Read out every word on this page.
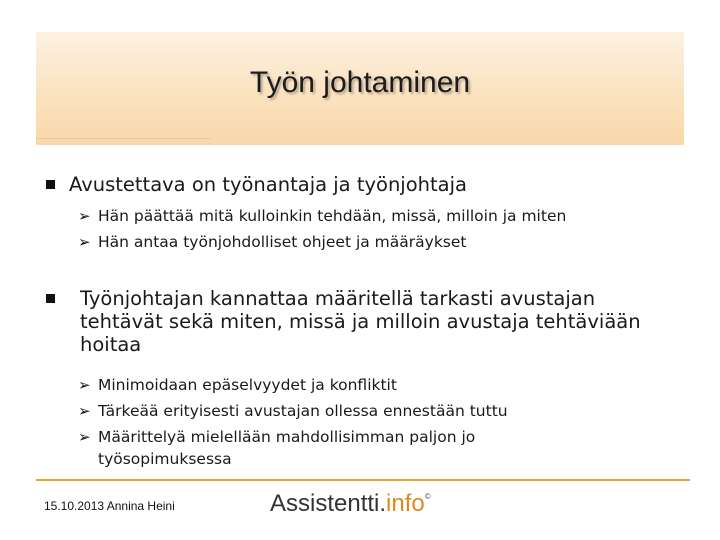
Työn johtaminen
Avustettava on työnantaja ja työnjohtaja
➢ Hän päättää mitä kulloinkin tehdään, missä, milloin ja miten
➢ Hän antaa työnjohdolliset ohjeet ja määräykset
Työnjohtajan kannattaa määritellä tarkasti avustajan
tehtävät sekä miten, missä ja milloin avustaja tehtäviään
hoitaa
➢ Minimoidaan epäselvyydet ja konfliktit
➢ Tärkeää erityisesti avustajan ollessa ennestään tuttu
➢ Määrittelyä mielellään mahdollisimman paljon jo
työsopimuksessa
15.10.2013 Annina Heini	Assistentti.info©
